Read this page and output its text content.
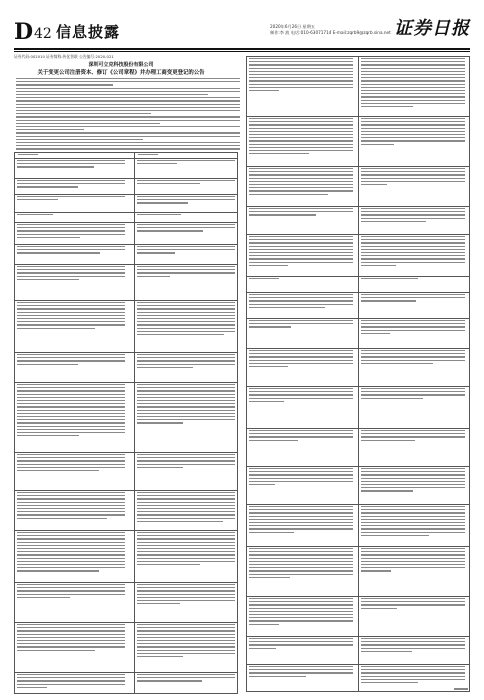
D 42 信息披露	2020年6月26日 星期五
制作:李 波 电话:010-63071714 E-mail:zqrb9@zqrb.sina.net 证券日报
证券代码:002010 证券简称:传化智联 公告编号:2020-021
深圳可立克科技股份有限公司
关于变更公司注册资本、修订《公司章程》并办理工商变更登记的公告
